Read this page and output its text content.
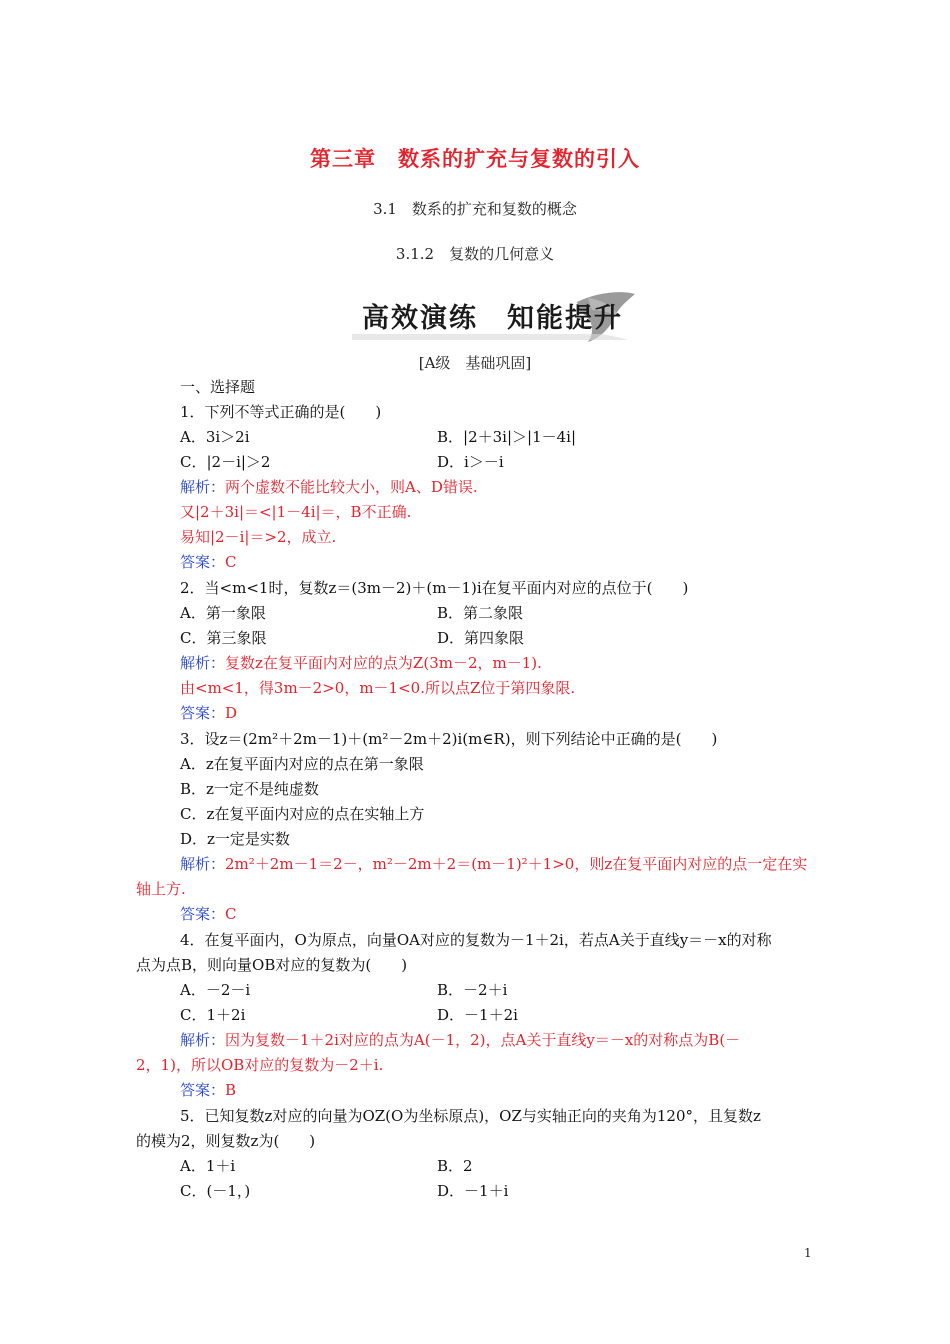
第三章　数系的扩充与复数的引入
3.1　数系的扩充和复数的概念
3.1.2　复数的几何意义
高效演练　知能提升
[A级　基础巩固]
一、选择题
1．下列不等式正确的是(　　)
A．3i＞2i	B．|2＋3i|＞|1－4i|
C．|2－i|＞2	D．i＞－i
解析：两个虚数不能比较大小，则A、D错误.
又|2＋3i|＝<|1－4i|＝，B不正确.
易知|2－i|＝>2，成立.
答案：C
2．当<m<1时，复数z＝(3m－2)＋(m－1)i在复平面内对应的点位于(　　)
A．第一象限	B．第二象限
C．第三象限	D．第四象限
解析：复数z在复平面内对应的点为Z(3m－2，m－1).
由<m<1，得3m－2>0，m－1<0.所以点Z位于第四象限.
答案：D
3．设z＝(2m²＋2m－1)＋(m²－2m＋2)i(m∈R)，则下列结论中正确的是(　　)
A．z在复平面内对应的点在第一象限
B．z一定不是纯虚数
C．z在复平面内对应的点在实轴上方
D．z一定是实数
解析：2m²＋2m－1＝2－，m²－2m＋2＝(m－1)²＋1>0，则z在复平面内对应的点一定在实
轴上方.
答案：C
4．在复平面内，O为原点，向量OA对应的复数为－1＋2i，若点A关于直线y＝－x的对称
点为点B，则向量OB对应的复数为(　　)
A．－2－i	B．－2＋i
C．1＋2i	D．－1＋2i
解析：因为复数－1＋2i对应的点为A(－1，2)，点A关于直线y＝－x的对称点为B(－
2，1)，所以OB对应的复数为－2＋i.
答案：B
5．已知复数z对应的向量为OZ(O为坐标原点)，OZ与实轴正向的夹角为120°，且复数z
的模为2，则复数z为(　　)
A．1＋i	B．2
C．(－1，)	D．－1＋i
1
